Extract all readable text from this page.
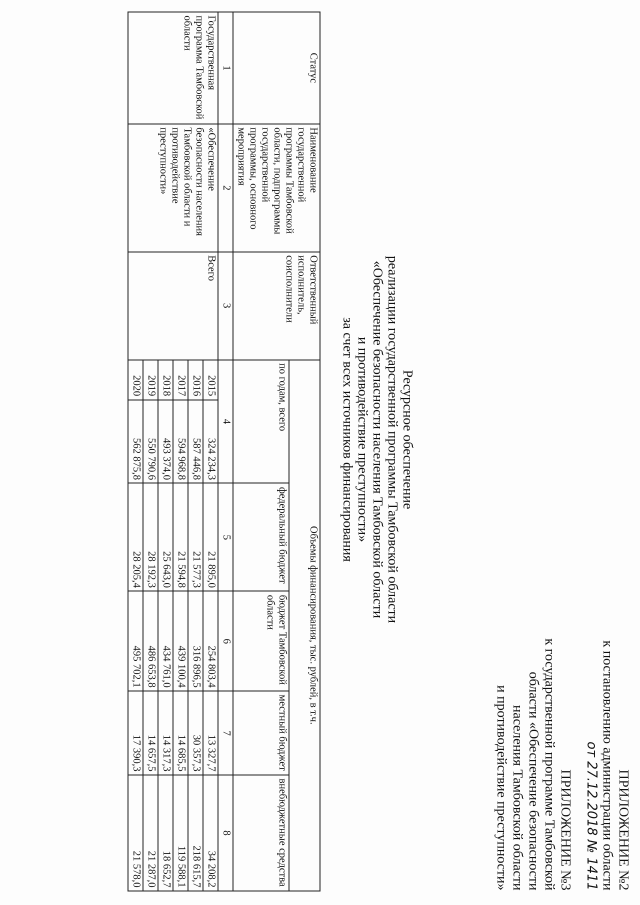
ПРИЛОЖЕНИЕ №2
к постановлению администрации области
от 27.12.2018 № 1411
ПРИЛОЖЕНИЕ №3
к государственной программе Тамбовской
области «Обеспечение безопасности
населения Тамбовской области
и противодействие преступности»
Ресурсное обеспечение
реализации государственной программы Тамбовской области
«Обеспечение безопасности населения Тамбовской области
и противодействие преступности»
за счет всех источников финансирования
Статус	Наименование государственной программы Тамбовской области, подпрограммы государственной программы, основного мероприятия	Ответственный исполнитель, соисполнители	Объемы финансирования, тыс. рублей, в т.ч.					
			по годам, всего		федеральный бюджет	бюджет Тамбовской области	местный бюджет	внебюджетные средства
1	2	3	4		5	6	7	8
Государственная программа Тамбовской области	«Обеспечение безопасности населения Тамбовской области и противодействие преступности»	Всего	2015	324 234,3	21 895,0	254 803,4	13 327,7	34 208,2
			2016	587 446,8	21 577,3	316 896,5	30 357,3	218 615,7
			2017	594 968,8	21 594,8	439 100,4	14 685,5	119 588,1
			2018	493 374,0	25 643,0	434 761,0	14 317,3	18 652,7
			2019	550 790,6	28 192,3	486 653,8	14 657,5	21 287,0
			2020	562 875,8	28 205,4	495 702,1	17 390,3	21 578,0
